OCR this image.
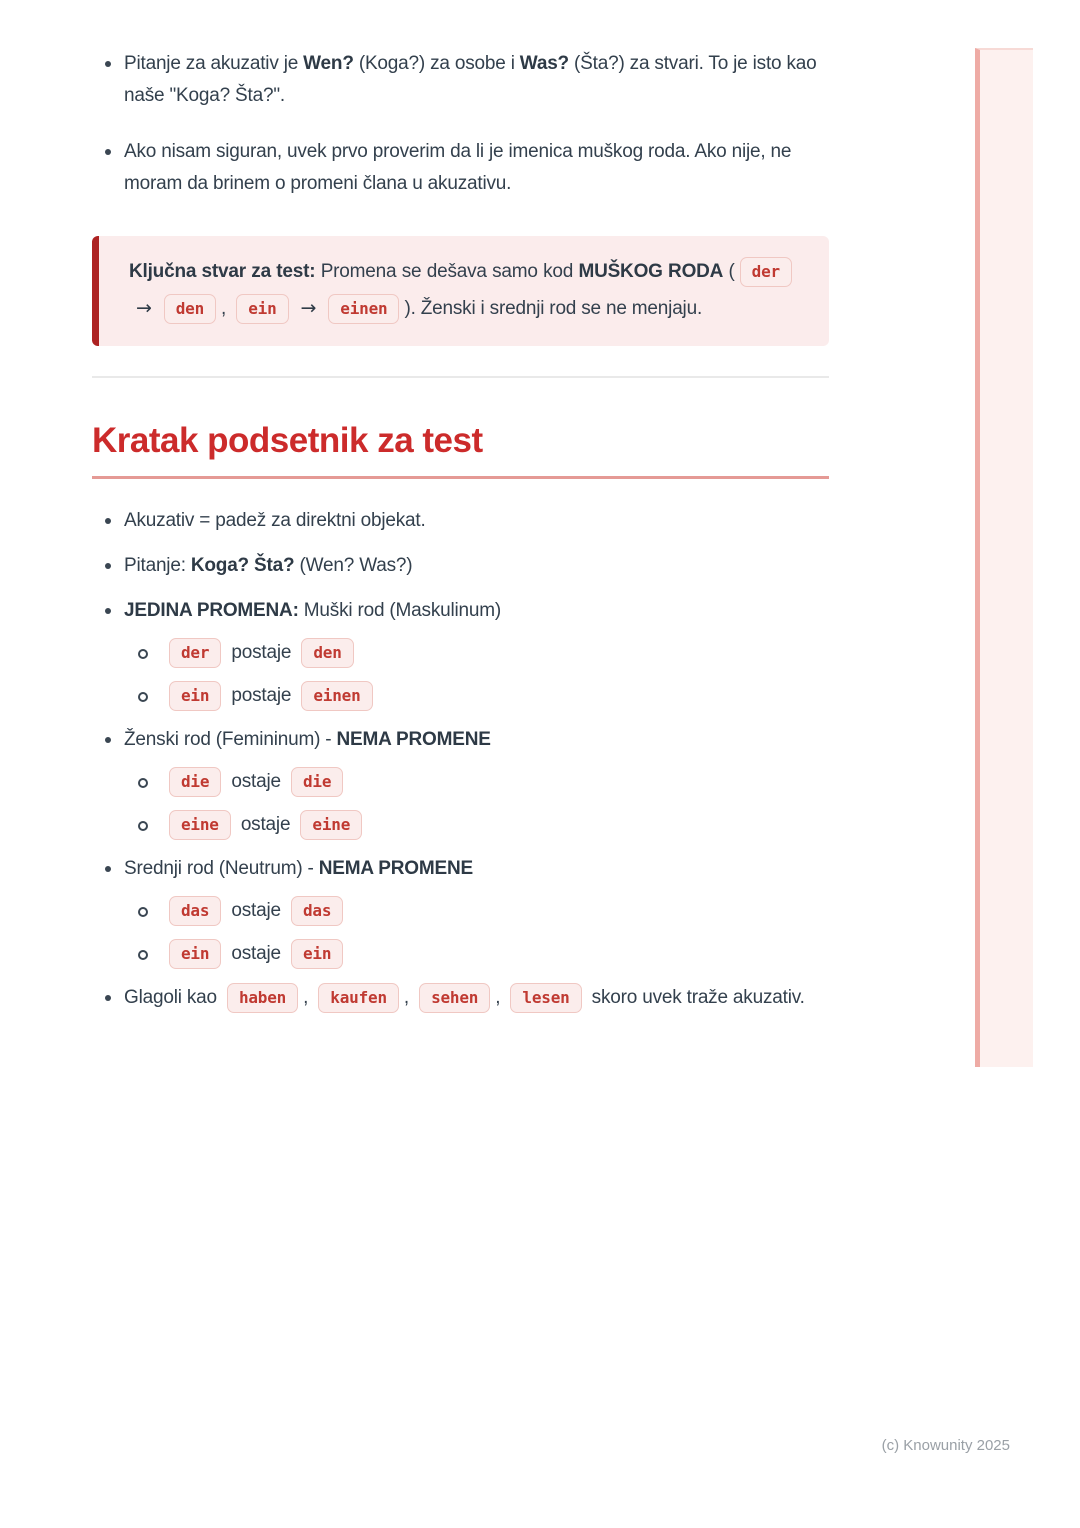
Pitanje za akuzativ je Wen? (Koga?) za osobe i Was? (Šta?) za stvari. To je isto kao naše "Koga? Šta?".
Ako nisam siguran, uvek prvo proverim da li je imenica muškog roda. Ako nije, ne moram da brinem o promeni člana u akuzativu.

Ključna stvar za test: Promena se dešava samo kod MUŠKOG RODA ( der→ den , ein → einen ). Ženski i srednji rod se ne menjaju.

Kratak podsetnik za test
Akuzativ = padež za direktni objekat.
Pitanje: Koga? Šta? (Wen? Was?)
JEDINA PROMENA: Muški rod (Maskulinum)
der postaje den
ein postaje einen
Ženski rod (Femininum) - NEMA PROMENE
die ostaje die
eine ostaje eine
Srednji rod (Neutrum) - NEMA PROMENE
das ostaje das
ein ostaje ein
Glagoli kao haben , kaufen , sehen , lesen skoro uvek traže akuzativ.
(c) Knowunity 2025
